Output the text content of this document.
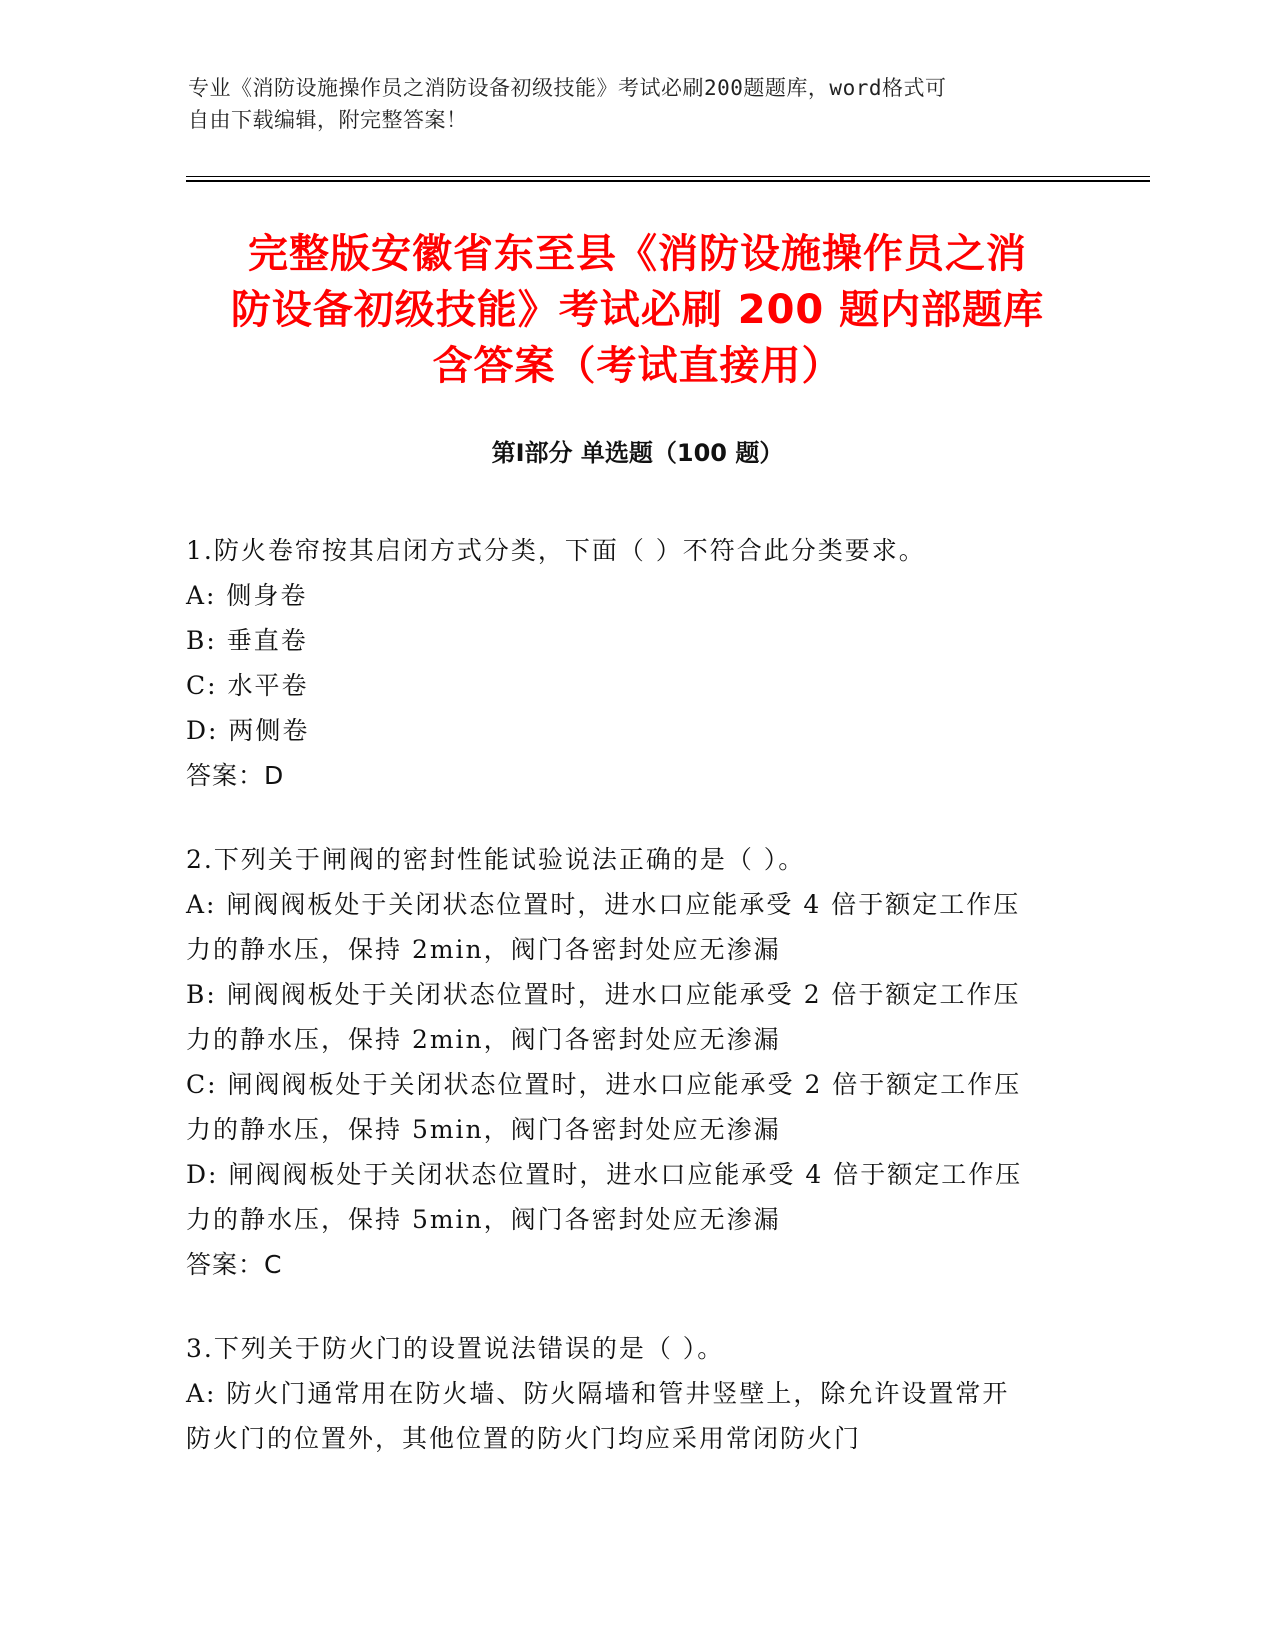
专业《消防设施操作员之消防设备初级技能》考试必刷200题题库，word格式可
自由下载编辑，附完整答案！
完整版安徽省东至县《消防设施操作员之消
防设备初级技能》考试必刷 200 题内部题库
含答案（考试直接用）
第Ⅰ部分 单选题（100 题）

1.防火卷帘按其启闭方式分类，下面（ ）不符合此分类要求。

A: 侧身卷

B: 垂直卷

C: 水平卷

D: 两侧卷

答案：D

2.下列关于闸阀的密封性能试验说法正确的是（ ）。

A: 闸阀阀板处于关闭状态位置时，进水口应能承受 4 倍于额定工作压

力的静水压，保持 2min，阀门各密封处应无渗漏

B: 闸阀阀板处于关闭状态位置时，进水口应能承受 2 倍于额定工作压

力的静水压，保持 2min，阀门各密封处应无渗漏

C: 闸阀阀板处于关闭状态位置时，进水口应能承受 2 倍于额定工作压

力的静水压，保持 5min，阀门各密封处应无渗漏

D: 闸阀阀板处于关闭状态位置时，进水口应能承受 4 倍于额定工作压

力的静水压，保持 5min，阀门各密封处应无渗漏

答案：C

3.下列关于防火门的设置说法错误的是（ ）。

A: 防火门通常用在防火墙、防火隔墙和管井竖壁上，除允许设置常开

防火门的位置外，其他位置的防火门均应采用常闭防火门
